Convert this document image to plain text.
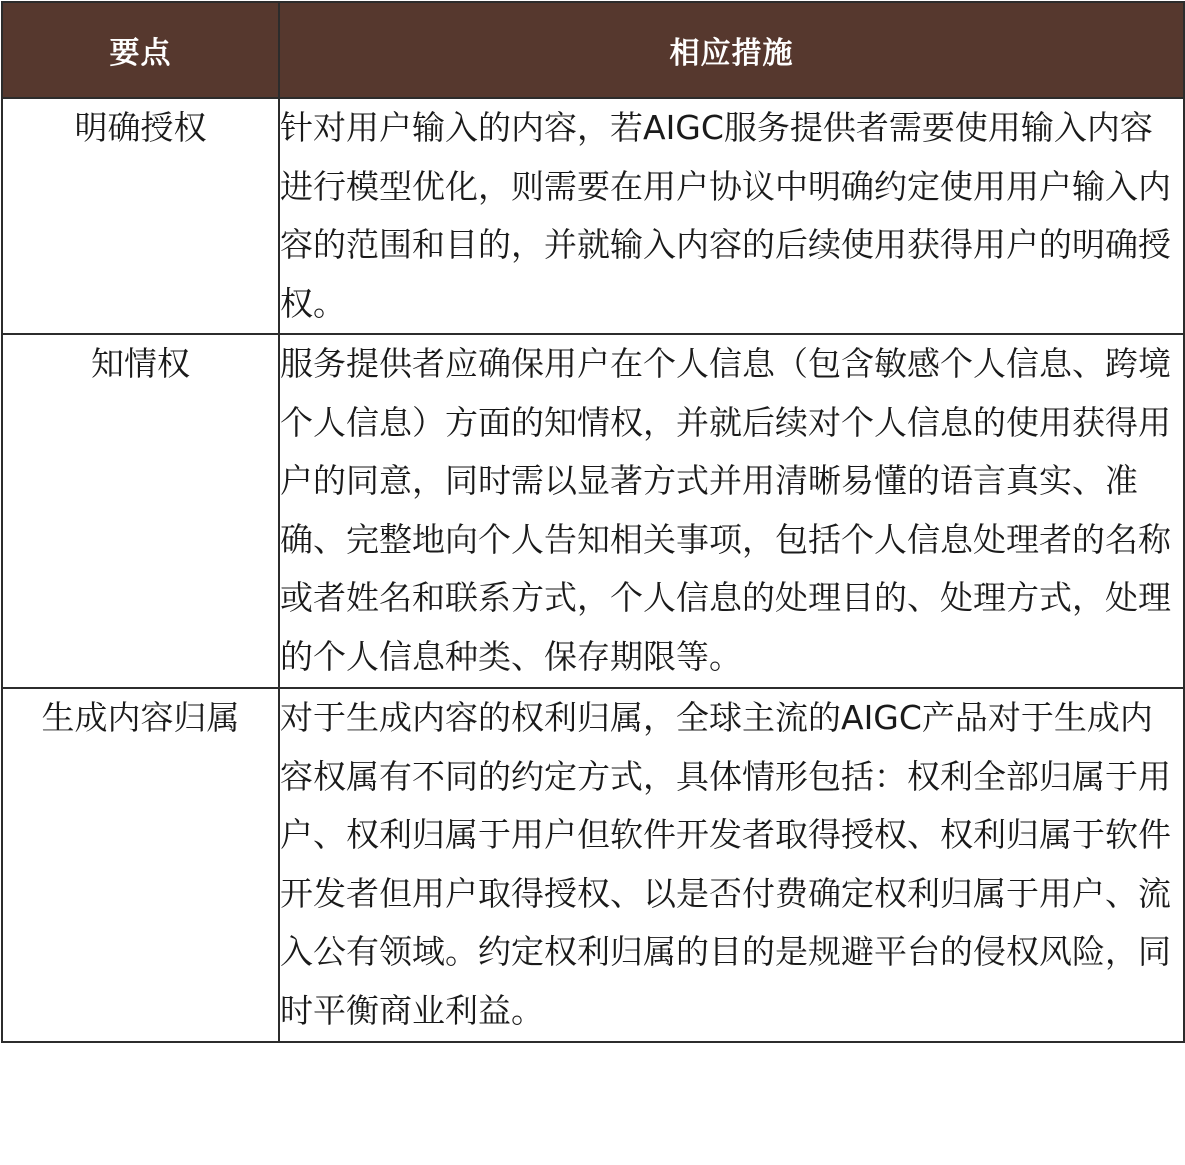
要点	相应措施
明确授权	针对用户输入的内容，若AIGC服务提供者需要使用输入内容进行模型优化，则需要在用户协议中明确约定使用用户输入内容的范围和目的，并就输入内容的后续使用获得用户的明确授权。
知情权	服务提供者应确保用户在个人信息（包含敏感个人信息、跨境个人信息）方面的知情权，并就后续对个人信息的使用获得用户的同意，同时需以显著方式并用清晰易懂的语言真实、准确、完整地向个人告知相关事项，包括个人信息处理者的名称或者姓名和联系方式，个人信息的处理目的、处理方式，处理的个人信息种类、保存期限等。
生成内容归属	对于生成内容的权利归属，全球主流的AIGC产品对于生成内容权属有不同的约定方式，具体情形包括：权利全部归属于用户、权利归属于用户但软件开发者取得授权、权利归属于软件开发者但用户取得授权、以是否付费确定权利归属于用户、流入公有领域。约定权利归属的目的是规避平台的侵权风险，同时平衡商业利益。
